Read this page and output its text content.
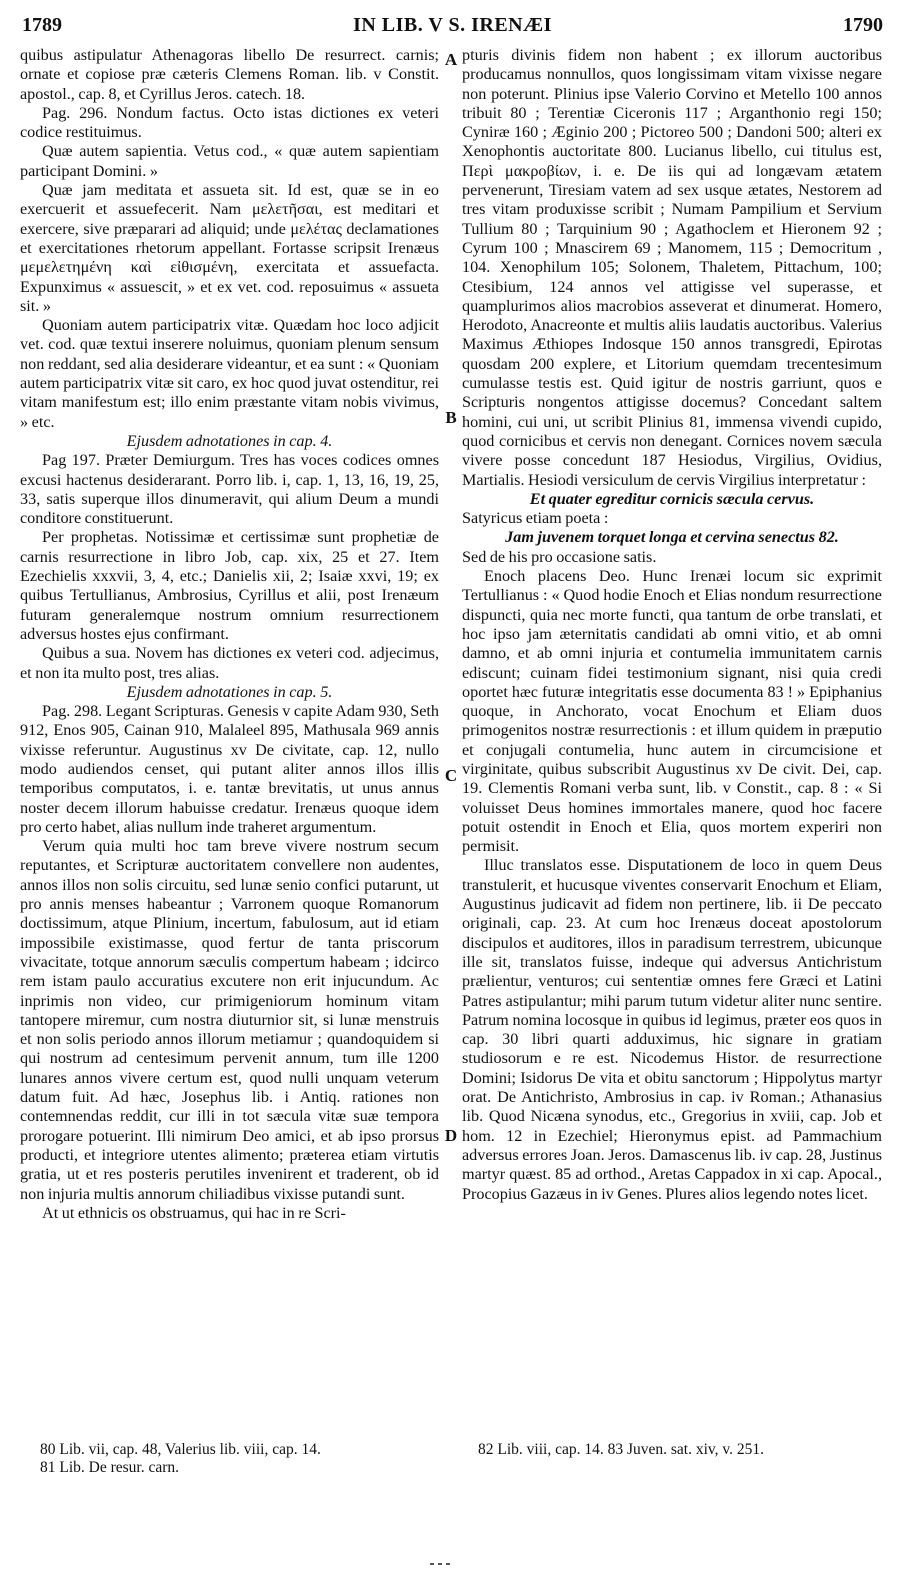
1789	IN LIB. V S. IRENÆI	1790

quibus astipulatur Athenagoras libello De resurrect. carnis; ornate et copiose præ cæteris Clemens Roman. lib. v Constit. apostol., cap. 8, et Cyrillus Jeros. catech. 18.

Pag. 296. Nondum factus. Octo istas dictiones ex veteri codice restituimus.

Quæ autem sapientia. Vetus cod., « quæ autem sapientiam participant Domini. »

Quæ jam meditata et assueta sit. Id est, quæ se in eo exercuerit et assuefecerit. Nam μελετῆσαι, est meditari et exercere, sive præparari ad aliquid; unde μελέτας declamationes et exercitationes rhetorum appellant. Fortasse scripsit Irenæus μεμελετημένη καὶ εἰθισμένη, exercitata et assuefacta. Expunximus « assuescit, » et ex vet. cod. reposuimus « assueta sit. »

Quoniam autem participatrix vitæ. Quædam hoc loco adjicit vet. cod. quæ textui inserere noluimus, quoniam plenum sensum non reddant, sed alia desiderare videantur, et ea sunt : « Quoniam autem participatrix vitæ sit caro, ex hoc quod juvat ostenditur, rei vitam manifestum est; illo enim præstante vitam nobis vivimus, » etc.

Ejusdem adnotationes in cap. 4.

Pag 197. Præter Demiurgum. Tres has voces codices omnes excusi hactenus desiderarant. Porro lib. i, cap. 1, 13, 16, 19, 25, 33, satis superque illos dinumeravit, qui alium Deum a mundi conditore constituerunt.

Per prophetas. Notissimæ et certissimæ sunt prophetiæ de carnis resurrectione in libro Job, cap. xix, 25 et 27. Item Ezechielis xxxvii, 3, 4, etc.; Danielis xii, 2; Isaiæ xxvi, 19; ex quibus Tertullianus, Ambrosius, Cyrillus et alii, post Irenæum futuram generalemque nostrum omnium resurrectionem adversus hostes ejus confirmant.

Quibus a sua. Novem has dictiones ex veteri cod. adjecimus, et non ita multo post, tres alias.

Ejusdem adnotationes in cap. 5.

Pag. 298. Legant Scripturas. Genesis v capite Adam 930, Seth 912, Enos 905, Cainan 910, Malaleel 895, Mathusala 969 annis vixisse referuntur. Augustinus xv De civitate, cap. 12, nullo modo audiendos censet, qui putant aliter annos illos illis temporibus computatos, i. e. tantæ brevitatis, ut unus annus noster decem illorum habuisse credatur. Irenæus quoque idem pro certo habet, alias nullum inde traheret argumentum.

Verum quia multi hoc tam breve vivere nostrum secum reputantes, et Scripturæ auctoritatem convellere non audentes, annos illos non solis circuitu, sed lunæ senio confici putarunt, ut pro annis menses habeantur ; Varronem quoque Romanorum doctissimum, atque Plinium, incertum, fabulosum, aut id etiam impossibile existimasse, quod fertur de tanta priscorum vivacitate, totque annorum sæculis compertum habeam ; idcirco rem istam paulo accuratius excutere non erit injucundum. Ac inprimis non video, cur primigeniorum hominum vitam tantopere miremur, cum nostra diuturnior sit, si lunæ menstruis et non solis periodo annos illorum metiamur ; quandoquidem si qui nostrum ad centesimum pervenit annum, tum ille 1200 lunares annos vivere certum est, quod nulli unquam veterum datum fuit. Ad hæc, Josephus lib. i Antiq. rationes non contemnendas reddit, cur illi in tot sæcula vitæ suæ tempora prorogare potuerint. Illi nimirum Deo amici, et ab ipso prorsus producti, et integriore utentes alimento; præterea etiam virtutis gratia, ut et res posteris perutiles invenirent et traderent, ob id non injuria multis annorum chiliadibus vixisse putandi sunt.

At ut ethnicis os obstruamus, qui hac in re Scri-

A
B
C
D

pturis divinis fidem non habent ; ex illorum auctoribus producamus nonnullos, quos longissimam vitam vixisse negare non poterunt. Plinius ipse Valerio Corvino et Metello 100 annos tribuit 80 ; Terentiæ Ciceronis 117 ; Arganthonio regi 150; Cyniræ 160 ; Æginio 200 ; Pictoreo 500 ; Dandoni 500; alteri ex Xenophontis auctoritate 800. Lucianus libello, cui titulus est, Περὶ μακροβίων, i. e. De iis qui ad longævam ætatem pervenerunt, Tiresiam vatem ad sex usque ætates, Nestorem ad tres vitam produxisse scribit ; Numam Pampilium et Servium Tullium 80 ; Tarquinium 90 ; Agathoclem et Hieronem 92 ; Cyrum 100 ; Mnascirem 69 ; Manomem, 115 ; Democritum , 104. Xenophilum 105; Solonem, Thaletem, Pittachum, 100; Ctesibium, 124 annos vel attigisse vel superasse, et quamplurimos alios macrobios asseverat et dinumerat. Homero, Herodoto, Anacreonte et multis aliis laudatis auctoribus. Valerius Maximus Æthiopes Indosque 150 annos transgredi, Epirotas quosdam 200 explere, et Litorium quemdam trecentesimum cumulasse testis est. Quid igitur de nostris garriunt, quos e Scripturis nongentos attigisse docemus? Concedant saltem homini, cui uni, ut scribit Plinius 81, immensa vivendi cupido, quod cornicibus et cervis non denegant. Cornices novem sæcula vivere posse concedunt 187 Hesiodus, Virgilius, Ovidius, Martialis. Hesiodi versiculum de cervis Virgilius interpretatur :

Et quater egreditur cornicis sæcula cervus.

Satyricus etiam poeta :

Jam juvenem torquet longa et cervina senectus 82.

Sed de his pro occasione satis.

Enoch placens Deo. Hunc Irenæi locum sic exprimit Tertullianus : « Quod hodie Enoch et Elias nondum resurrectione dispuncti, quia nec morte functi, qua tantum de orbe translati, et hoc ipso jam æternitatis candidati ab omni vitio, et ab omni damno, et ab omni injuria et contumelia immunitatem carnis ediscunt; cuinam fidei testimonium signant, nisi quia credi oportet hæc futuræ integritatis esse documenta 83 ! » Epiphanius quoque, in Anchorato, vocat Enochum et Eliam duos primogenitos nostræ resurrectionis : et illum quidem in præputio et conjugali contumelia, hunc autem in circumcisione et virginitate, quibus subscribit Augustinus xv De civit. Dei, cap. 19. Clementis Romani verba sunt, lib. v Constit., cap. 8 : « Si voluisset Deus homines immortales manere, quod hoc facere potuit ostendit in Enoch et Elia, quos mortem experiri non permisit.

Illuc translatos esse. Disputationem de loco in quem Deus transtulerit, et hucusque viventes conservarit Enochum et Eliam, Augustinus judicavit ad fidem non pertinere, lib. ii De peccato originali, cap. 23. At cum hoc Irenæus doceat apostolorum discipulos et auditores, illos in paradisum terrestrem, ubicunque ille sit, translatos fuisse, indeque qui adversus Antichristum prælientur, venturos; cui sententiæ omnes fere Græci et Latini Patres astipulantur; mihi parum tutum videtur aliter nunc sentire. Patrum nomina locosque in quibus id legimus, præter eos quos in cap. 30 libri quarti adduximus, hic signare in gratiam studiosorum e re est. Nicodemus Histor. de resurrectione Domini; Isidorus De vita et obitu sanctorum ; Hippolytus martyr orat. De Antichristo, Ambrosius in cap. iv Roman.; Athanasius lib. Quod Nicæna synodus, etc., Gregorius in xviii, cap. Job et hom. 12 in Ezechiel; Hieronymus epist. ad Pammachium adversus errores Joan. Jeros. Damascenus lib. iv cap. 28, Justinus martyr quæst. 85 ad orthod., Aretas Cappadox in xi cap. Apocal., Procopius Gazæus in iv Genes. Plures alios legendo notes licet.

80 Lib. vii, cap. 48, Valerius lib. viii, cap. 14.
81 Lib. De resur. carn.
82 Lib. viii, cap. 14. 83 Juven. sat. xiv, v. 251.
